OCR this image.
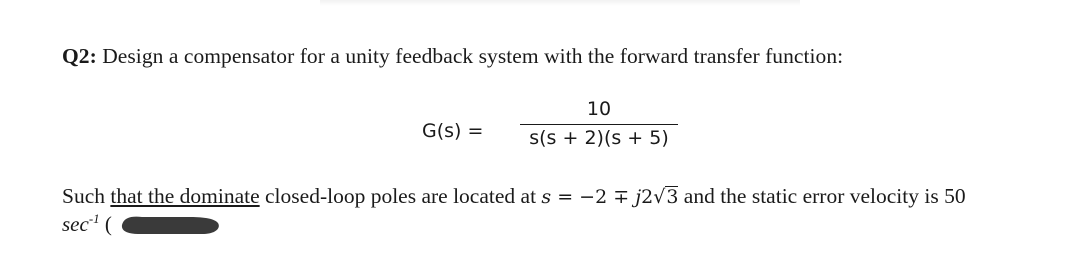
Q2: Design a compensator for a unity feedback system with the forward transfer function:
G(s) =
10
s(s + 2)(s + 5)
Such that the dominate closed-loop poles are located at s = −2 ∓ j2√3 and the static error velocity is 50
$\sec^{-1}$ (
